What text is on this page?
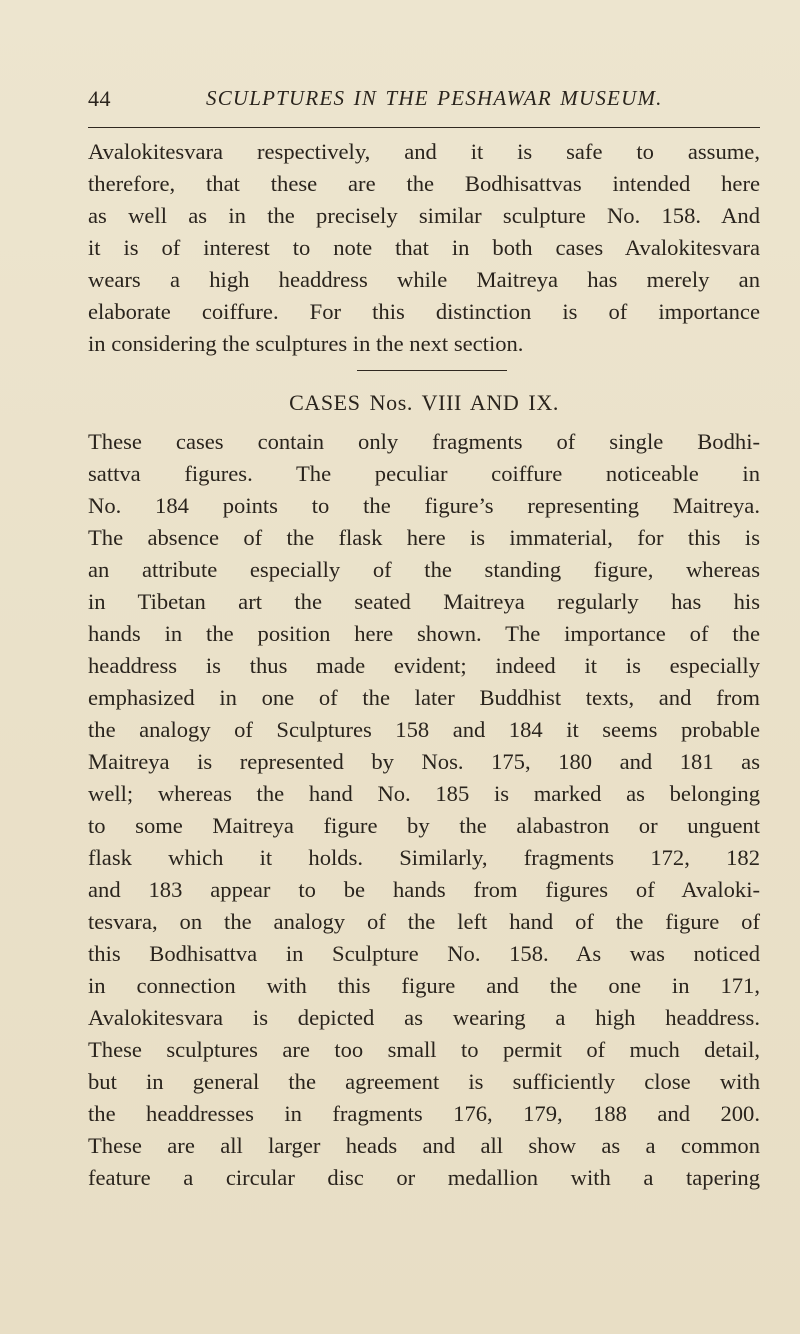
44	SCULPTURES IN THE PESHAWAR MUSEUM.
Avalokitesvara respectively, and it is safe to assume,
therefore, that these are the Bodhisattvas intended here
as well as in the precisely similar sculpture No. 158. And
it is of interest to note that in both cases Avalokitesvara
wears a high headdress while Maitreya has merely an
elaborate coiffure. For this distinction is of importance
in considering the sculptures in the next section.
CASES Nos. VIII AND IX.
These cases contain only fragments of single Bodhi-
sattva figures. The peculiar coiffure noticeable in
No. 184 points to the figure’s representing Maitreya.
The absence of the flask here is immaterial, for this is
an attribute especially of the standing figure, whereas
in Tibetan art the seated Maitreya regularly has his
hands in the position here shown. The importance of the
headdress is thus made evident; indeed it is especially
emphasized in one of the later Buddhist texts, and from
the analogy of Sculptures 158 and 184 it seems probable
Maitreya is represented by Nos. 175, 180 and 181 as
well; whereas the hand No. 185 is marked as belonging
to some Maitreya figure by the alabastron or unguent
flask which it holds. Similarly, fragments 172, 182
and 183 appear to be hands from figures of Avaloki-
tesvara, on the analogy of the left hand of the figure of
this Bodhisattva in Sculpture No. 158. As was noticed
in connection with this figure and the one in 171,
Avalokitesvara is depicted as wearing a high headdress.
These sculptures are too small to permit of much detail,
but in general the agreement is sufficiently close with
the headdresses in fragments 176, 179, 188 and 200.
These are all larger heads and all show as a common
feature a circular disc or medallion with a tapering
